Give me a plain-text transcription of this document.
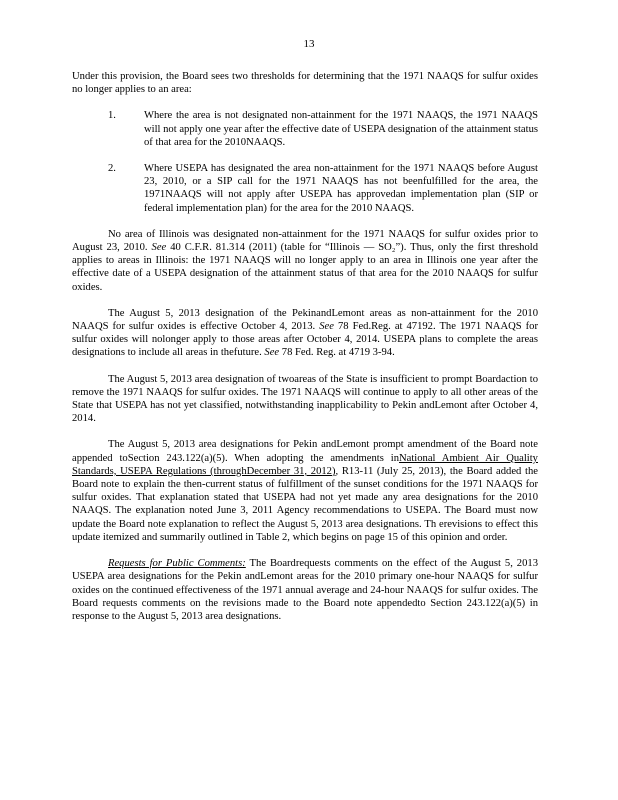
13

Under this provision, the Board sees two thresholds for determining that the 1971 NAAQS for sulfur oxides no longer applies to an area:

1.	Where the area is not designated non-attainment for the 1971 NAAQS, the 1971 NAAQS will not apply one year after the effective date of USEPA designation of the attainment status of that area for the 2010NAAQS.
2.	Where USEPA has designated the area non-attainment for the 1971 NAAQS before August 23, 2010, or a SIP call for the 1971 NAAQS has not beenfulfilled for the area, the 1971NAAQS will not apply after USEPA has approvedan implementation plan (SIP or federal implementation plan) for the area for the 2010 NAAQS.

No area of Illinois was designated non-attainment for the 1971 NAAQS for sulfur oxides prior to August 23, 2010. See 40 C.F.R. 81.314 (2011) (table for “Illinois — SO₂”). Thus, only the first threshold applies to areas in Illinois: the 1971 NAAQS will no longer apply to an area in Illinois one year after the effective date of a USEPA designation of the attainment status of that area for the 2010 NAAQS for sulfur oxides.

The August 5, 2013 designation of the PekinandLemont areas as non-attainment for the 2010 NAAQS for sulfur oxides is effective October 4, 2013. See 78 Fed.Reg. at 47192. The 1971 NAAQS for sulfur oxides will nolonger apply to those areas after October 4, 2014. USEPA plans to complete the areas designations to include all areas in thefuture. See 78 Fed. Reg. at 4719 3-94.

The August 5, 2013 area designation of twoareas of the State is insufficient to prompt Boardaction to remove the 1971 NAAQS for sulfur oxides. The 1971 NAAQS will continue to apply to all other areas of the State that USEPA has not yet classified, notwithstanding inapplicability to Pekin andLemont after October 4, 2014.

The August 5, 2013 area designations for Pekin andLemont prompt amendment of the Board note appended toSection 243.122(a)(5). When adopting the amendments inNational Ambient Air Quality Standards, USEPA Regulations (throughDecember 31, 2012), R13-11 (July 25, 2013), the Board added the Board note to explain the then-current status of fulfillment of the sunset conditions for the 1971 NAAQS for sulfur oxides. That explanation stated that USEPA had not yet made any area designations for the 2010 NAAQS. The explanation noted June 3, 2011 Agency recommendations to USEPA. The Board must now update the Board note explanation to reflect the August 5, 2013 area designations. Th erevisions to effect this update itemized and summarily outlined in Table 2, which begins on page 15 of this opinion and order.

Requests for Public Comments: The Boardrequests comments on the effect of the August 5, 2013 USEPA area designations for the Pekin andLemont areas for the 2010 primary one-hour NAAQS for sulfur oxides on the continued effectiveness of the 1971 annual average and 24-hour NAAQS for sulfur oxides. The Board requests comments on the revisions made to the Board note appendedto Section 243.122(a)(5) in response to the August 5, 2013 area designations.
